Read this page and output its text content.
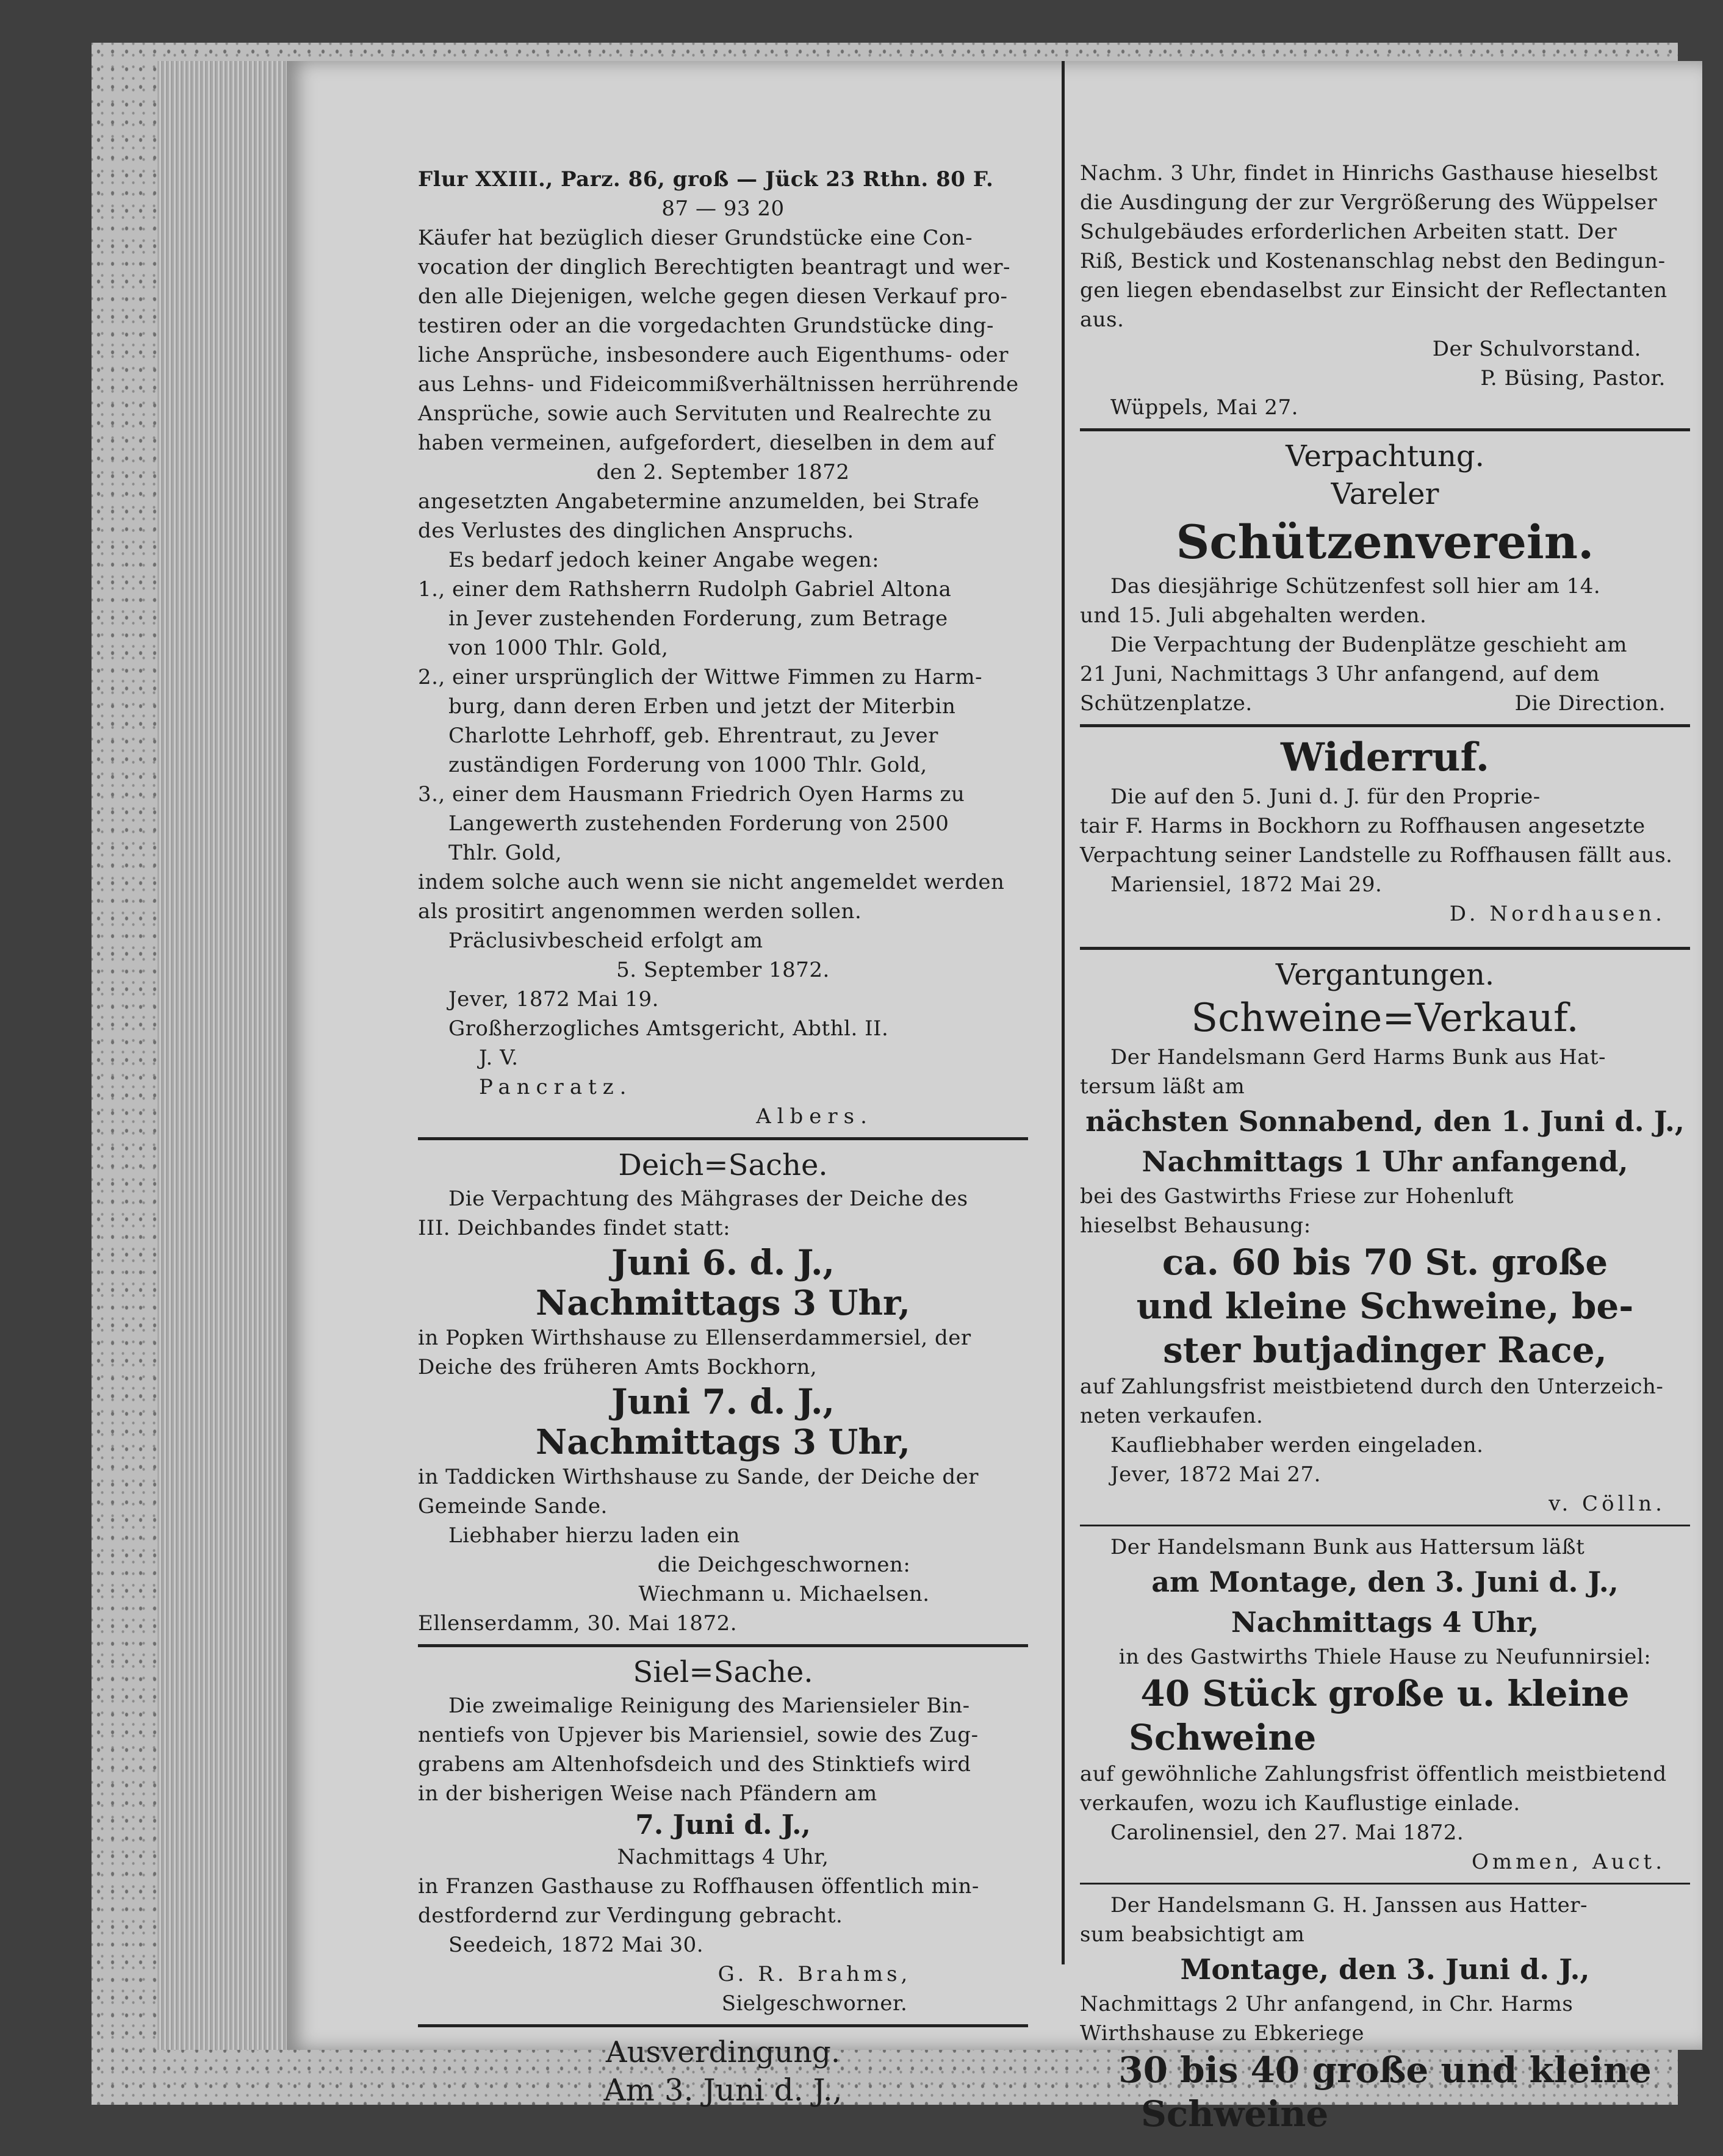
Flur XXIII., Parz. 86, groß — Jück 23 Rthn. 80 F.

87 — 93 20

Käufer hat bezüglich dieser Grundstücke eine Con-

vocation der dinglich Berechtigten beantragt und wer-

den alle Diejenigen, welche gegen diesen Verkauf pro-

testiren oder an die vorgedachten Grundstücke ding-

liche Ansprüche, insbesondere auch Eigenthums- oder

aus Lehns- und Fideicommißverhältnissen herrührende

Ansprüche, sowie auch Servituten und Realrechte zu

haben vermeinen, aufgefordert, dieselben in dem auf

den 2. September 1872

angesetzten Angabetermine anzumelden, bei Strafe

des Verlustes des dinglichen Anspruchs.

Es bedarf jedoch keiner Angabe wegen:

1., einer dem Rathsherrn Rudolph Gabriel Altona

in Jever zustehenden Forderung, zum Betrage

von 1000 Thlr. Gold,

2., einer ursprünglich der Wittwe Fimmen zu Harm-

burg, dann deren Erben und jetzt der Miterbin

Charlotte Lehrhoff, geb. Ehrentraut, zu Jever

zuständigen Forderung von 1000 Thlr. Gold,

3., einer dem Hausmann Friedrich Oyen Harms zu

Langewerth zustehenden Forderung von 2500

Thlr. Gold,

indem solche auch wenn sie nicht angemeldet werden

als prositirt angenommen werden sollen.

Präclusivbescheid erfolgt am

5. September 1872.

Jever, 1872 Mai 19.

Großherzogliches Amtsgericht, Abthl. II.

J. V.

Pancratz.

Albers.

Deich=Sache.

Die Verpachtung des Mähgrases der Deiche des

III. Deichbandes findet statt:

Juni 6. d. J.,

Nachmittags 3 Uhr,

in Popken Wirthshause zu Ellenserdammersiel, der

Deiche des früheren Amts Bockhorn,

Juni 7. d. J.,

Nachmittags 3 Uhr,

in Taddicken Wirthshause zu Sande, der Deiche der

Gemeinde Sande.

Liebhaber hierzu laden ein

die Deichgeschwornen:

Wiechmann u. Michaelsen.

Ellenserdamm, 30. Mai 1872.

Siel=Sache.

Die zweimalige Reinigung des Mariensieler Bin-

nentiefs von Upjever bis Mariensiel, sowie des Zug-

grabens am Altenhofsdeich und des Stinktiefs wird

in der bisherigen Weise nach Pfändern am

7. Juni d. J.,

Nachmittags 4 Uhr,

in Franzen Gasthause zu Roffhausen öffentlich min-

destfordernd zur Verdingung gebracht.

Seedeich, 1872 Mai 30.

G. R. Brahms,

Sielgeschworner.

Ausverdingung.

Am 3. Juni d. J.,

Nachm. 3 Uhr, findet in Hinrichs Gasthause hieselbst

die Ausdingung der zur Vergrößerung des Wüppelser

Schulgebäudes erforderlichen Arbeiten statt. Der

Riß, Bestick und Kostenanschlag nebst den Bedingun-

gen liegen ebendaselbst zur Einsicht der Reflectanten

aus.

Der Schulvorstand.

P. Büsing, Pastor.

Wüppels, Mai 27.

Verpachtung.

Vareler

Schützenverein.

Das diesjährige Schützenfest soll hier am 14.

und 15. Juli abgehalten werden.

Die Verpachtung der Budenplätze geschieht am

21 Juni, Nachmittags 3 Uhr anfangend, auf dem

Schützenplatze.	Die Direction.

Widerruf.

Die auf den 5. Juni d. J. für den Proprie-

tair F. Harms in Bockhorn zu Roffhausen angesetzte

Verpachtung seiner Landstelle zu Roffhausen fällt aus.

Mariensiel, 1872 Mai 29.

D. Nordhausen.

Vergantungen.

Schweine=Verkauf.

Der Handelsmann Gerd Harms Bunk aus Hat-

tersum läßt am

nächsten Sonnabend, den 1. Juni d. J.,

Nachmittags 1 Uhr anfangend,

bei des Gastwirths Friese zur Hohenluft

hieselbst Behausung:

ca. 60 bis 70 St. große

und kleine Schweine, be-

ster butjadinger Race,

auf Zahlungsfrist meistbietend durch den Unterzeich-

neten verkaufen.

Kaufliebhaber werden eingeladen.

Jever, 1872 Mai 27.

v. Cölln.

Der Handelsmann Bunk aus Hattersum läßt

am Montage, den 3. Juni d. J.,

Nachmittags 4 Uhr,

in des Gastwirths Thiele Hause zu Neufunnirsiel:

40 Stück große u. kleine

Schweine

auf gewöhnliche Zahlungsfrist öffentlich meistbietend

verkaufen, wozu ich Kauflustige einlade.

Carolinensiel, den 27. Mai 1872.

Ommen, Auct.

Der Handelsmann G. H. Janssen aus Hatter-

sum beabsichtigt am

Montage, den 3. Juni d. J.,

Nachmittags 2 Uhr anfangend, in Chr. Harms

Wirthshause zu Ebkeriege

30 bis 40 große und kleine

Schweine
